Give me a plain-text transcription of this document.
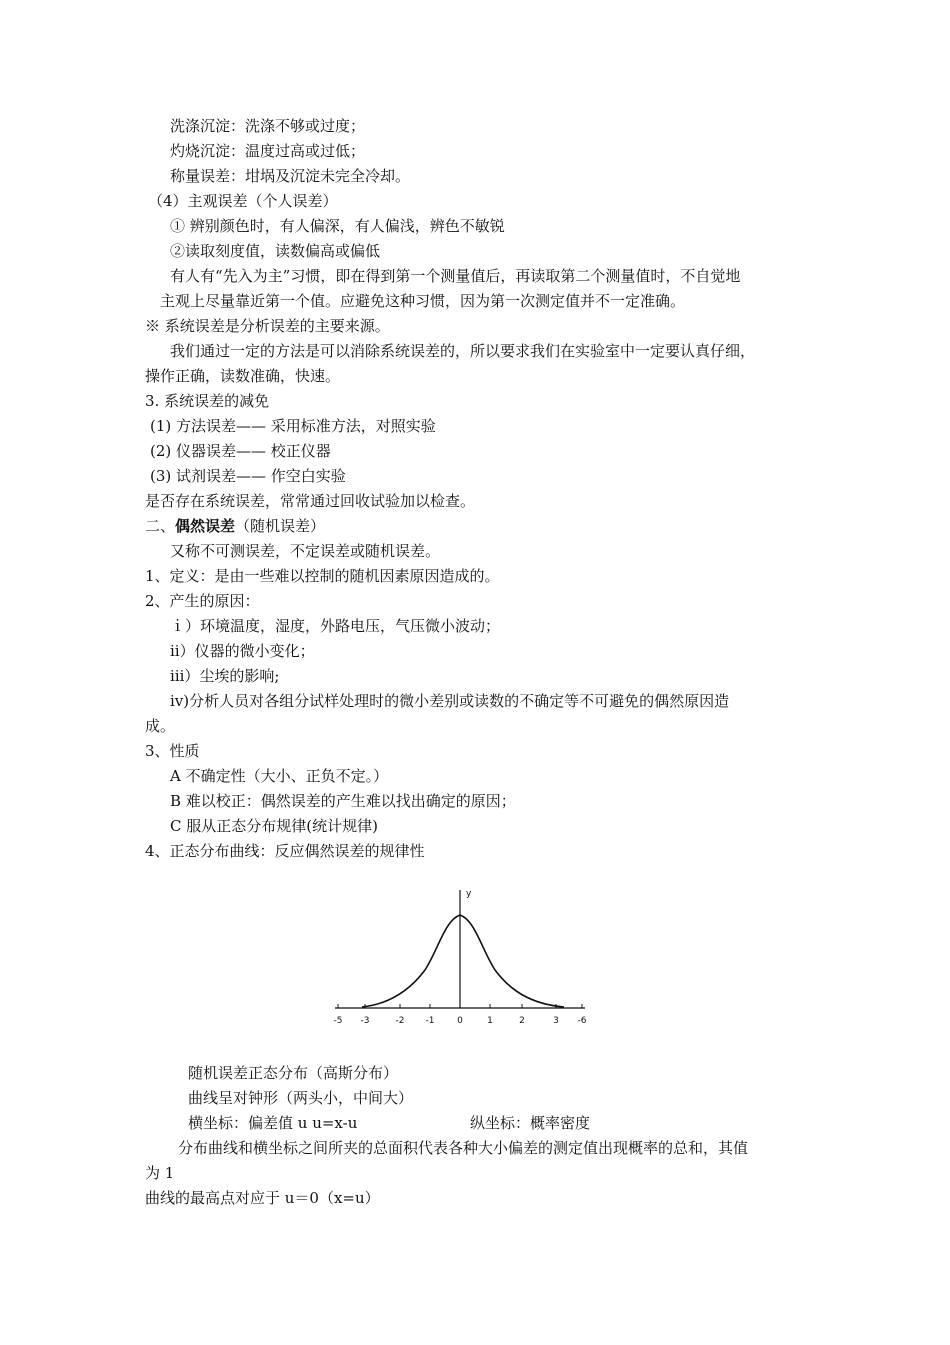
洗涤沉淀：洗涤不够或过度；
灼烧沉淀：温度过高或过低；
称量误差：坩埚及沉淀未完全冷却。
（4）主观误差（个人误差）
① 辨别颜色时，有人偏深，有人偏浅，辨色不敏锐
②读取刻度值，读数偏高或偏低
有人有“先入为主”习惯，即在得到第一个测量值后，再读取第二个测量值时，不自觉地
主观上尽量靠近第一个值。应避免这种习惯，因为第一次测定值并不一定准确。
※ 系统误差是分析误差的主要来源。
我们通过一定的方法是可以消除系统误差的，所以要求我们在实验室中一定要认真仔细，
操作正确，读数准确，快速。
3. 系统误差的减免
(1) 方法误差—— 采用标准方法，对照实验
(2) 仪器误差—— 校正仪器
(3) 试剂误差—— 作空白实验
是否存在系统误差，常常通过回收试验加以检查。
二、偶然误差（随机误差）
又称不可测误差，不定误差或随机误差。
1、定义：是由一些难以控制的随机因素原因造成的。
2、产生的原因：
ｉ）环境温度，湿度，外路电压，气压微小波动；
ⅱ）仪器的微小变化；
ⅲ）尘埃的影响;
ⅳ)分析人员对各组分试样处理时的微小差别或读数的不确定等不可避免的偶然原因造
成。
3、性质
A 不确定性（大小、正负不定。）
B 难以校正：偶然误差的产生难以找出确定的原因；
C 服从正态分布规律(统计规律)
4、正态分布曲线：反应偶然误差的规律性
y
-5 -3	-2 -1	0	1	2	3 -6
随机误差正态分布（高斯分布）
曲线呈对钟形（两头小，中间大）
横坐标：偏差值 u u=x-u	纵坐标：概率密度
分布曲线和横坐标之间所夹的总面积代表各种大小偏差的测定值出现概率的总和，其值
为 1
曲线的最高点对应于 u＝0（x=u）
